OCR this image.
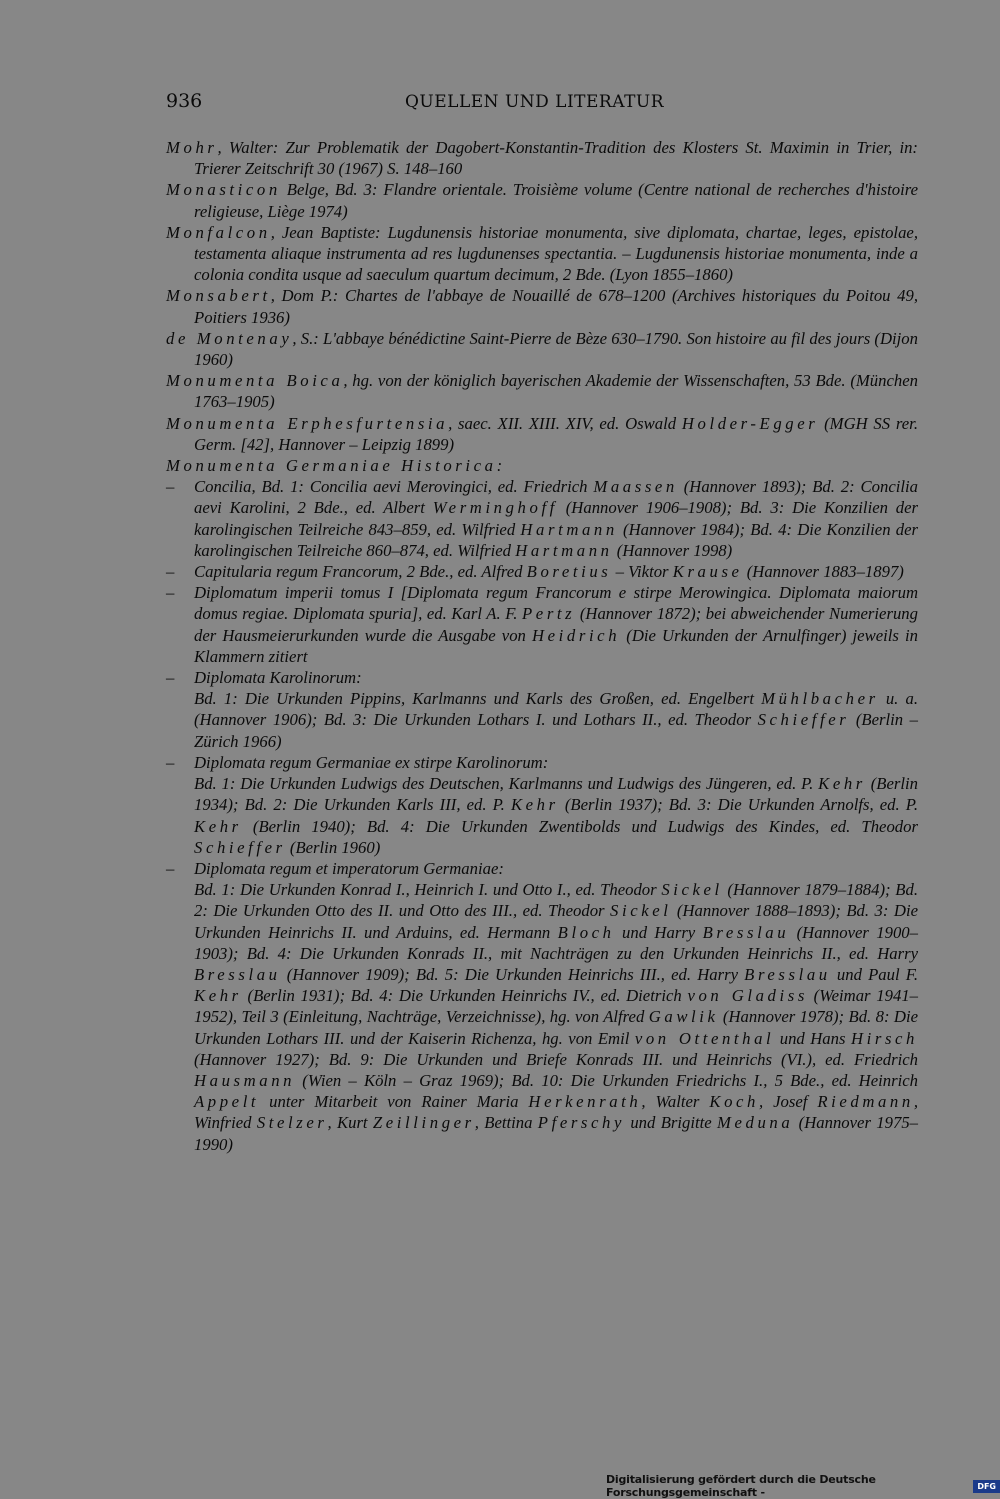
936	QUELLEN UND LITERATUR
Mohr, Walter: Zur Problematik der Dagobert-Konstantin-Tradition des Klosters St. Maximin in Trier, in: Trierer Zeitschrift 30 (1967) S. 148–160
Monasticon Belge, Bd. 3: Flandre orientale. Troisième volume (Centre national de recherches d'histoire religieuse, Liège 1974)
Monfalcon, Jean Baptiste: Lugdunensis historiae monumenta, sive diplomata, chartae, leges, epistolae, testamenta aliaque instrumenta ad res lugdunenses spectantia. – Lugdunensis historiae monumenta, inde a colonia condita usque ad saeculum quartum decimum, 2 Bde. (Lyon 1855–1860)
Monsabert, Dom P.: Chartes de l'abbaye de Nouaillé de 678–1200 (Archives historiques du Poitou 49, Poitiers 1936)
de Montenay, S.: L'abbaye bénédictine Saint-Pierre de Bèze 630–1790. Son histoire au fil des jours (Dijon 1960)
Monumenta Boica, hg. von der königlich bayerischen Akademie der Wissenschaften, 53 Bde. (München 1763–1905)
Monumenta Erphesfurtensia, saec. XII. XIII. XIV, ed. Oswald Holder-Egger (MGH SS rer. Germ. [42], Hannover – Leipzig 1899)
Monumenta Germaniae Historica:
– Concilia, Bd. 1: Concilia aevi Merovingici, ed. Friedrich Maassen (Hannover 1893); Bd. 2: Concilia aevi Karolini, 2 Bde., ed. Albert Werminghoff (Hannover 1906–1908); Bd. 3: Die Konzilien der karolingischen Teilreiche 843–859, ed. Wilfried Hartmann (Hannover 1984); Bd. 4: Die Konzilien der karolingischen Teilreiche 860–874, ed. Wilfried Hartmann (Hannover 1998)
– Capitularia regum Francorum, 2 Bde., ed. Alfred Boretius – Viktor Krause (Hannover 1883–1897)
– Diplomatum imperii tomus I [Diplomata regum Francorum e stirpe Merowingica. Diplomata maiorum domus regiae. Diplomata spuria], ed. Karl A. F. Pertz (Hannover 1872); bei abweichender Numerierung der Hausmeierurkunden wurde die Ausgabe von Heidrich (Die Urkunden der Arnulfinger) jeweils in Klammern zitiert
– Diplomata Karolinorum:
Bd. 1: Die Urkunden Pippins, Karlmanns und Karls des Großen, ed. Engelbert Mühlbacher u. a. (Hannover 1906); Bd. 3: Die Urkunden Lothars I. und Lothars II., ed. Theodor Schieffer (Berlin – Zürich 1966)
– Diplomata regum Germaniae ex stirpe Karolinorum:
Bd. 1: Die Urkunden Ludwigs des Deutschen, Karlmanns und Ludwigs des Jüngeren, ed. P. Kehr (Berlin 1934); Bd. 2: Die Urkunden Karls III, ed. P. Kehr (Berlin 1937); Bd. 3: Die Urkunden Arnolfs, ed. P. Kehr (Berlin 1940); Bd. 4: Die Urkunden Zwentibolds und Ludwigs des Kindes, ed. Theodor Schieffer (Berlin 1960)
– Diplomata regum et imperatorum Germaniae:
Bd. 1: Die Urkunden Konrad I., Heinrich I. und Otto I., ed. Theodor Sickel (Hannover 1879–1884); Bd. 2: Die Urkunden Otto des II. und Otto des III., ed. Theodor Sickel (Hannover 1888–1893); Bd. 3: Die Urkunden Heinrichs II. und Arduins, ed. Hermann Bloch und Harry Bresslau (Hannover 1900–1903); Bd. 4: Die Urkunden Konrads II., mit Nachträgen zu den Urkunden Heinrichs II., ed. Harry Bresslau (Hannover 1909); Bd. 5: Die Urkunden Heinrichs III., ed. Harry Bresslau und Paul F. Kehr (Berlin 1931); Bd. 4: Die Urkunden Heinrichs IV., ed. Dietrich von Gladiss (Weimar 1941–1952), Teil 3 (Einleitung, Nachträge, Verzeichnisse), hg. von Alfred Gawlik (Hannover 1978); Bd. 8: Die Urkunden Lothars III. und der Kaiserin Richenza, hg. von Emil von Ottenthal und Hans Hirsch (Hannover 1927); Bd. 9: Die Urkunden und Briefe Konrads III. und Heinrichs (VI.), ed. Friedrich Hausmann (Wien – Köln – Graz 1969); Bd. 10: Die Urkunden Friedrichs I., 5 Bde., ed. Heinrich Appelt unter Mitarbeit von Rainer Maria Herkenrath, Walter Koch, Josef Riedmann, Winfried Stelzer, Kurt Zeillinger, Bettina Pferschy und Brigitte Meduna (Hannover 1975–1990)
Digitalisierung gefördert durch die Deutsche Forschungsgemeinschaft -	DFG
